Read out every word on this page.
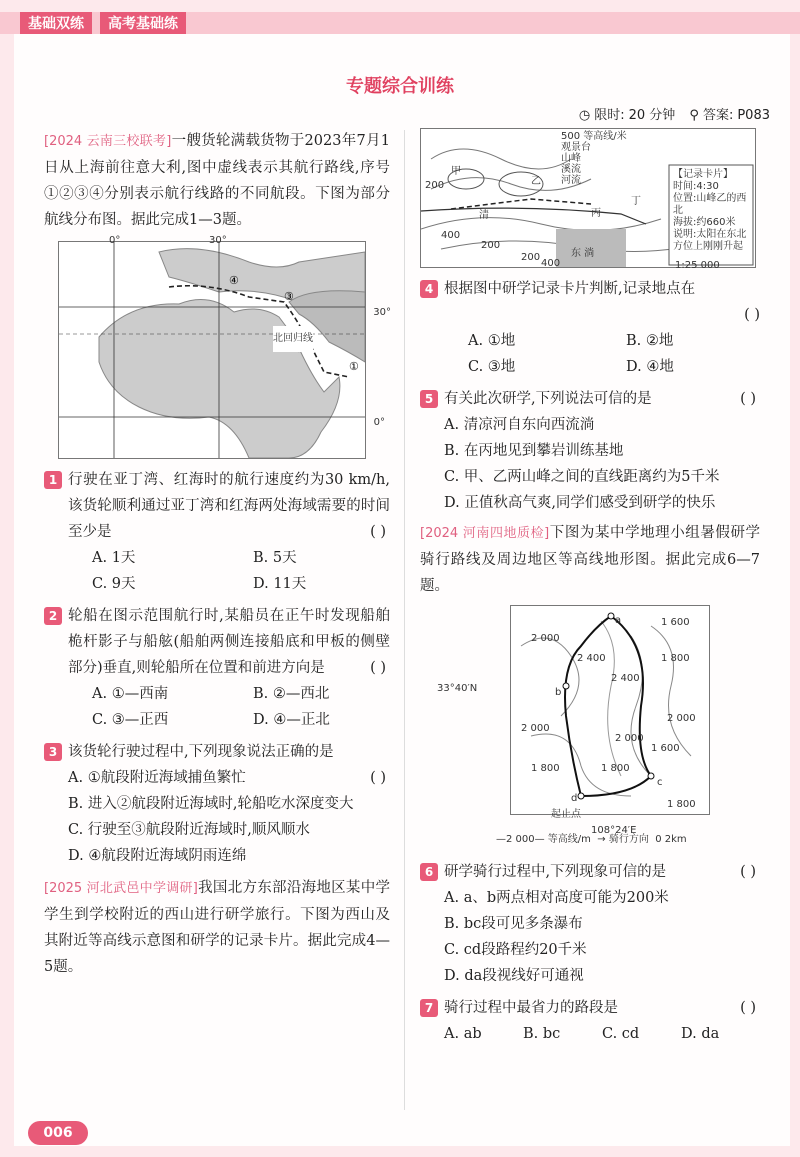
基础双练	高考基础练
专题综合训练
◷ 限时: 20 分钟 ⚲ 答案: P083

[2024 云南三校联考]一艘货轮满载货物于2023年7月1日从上海前往意大利,图中虚线表示其航行路线,序号①②③④分别表示航行线路的不同航段。下图为部分航线分布图。据此完成1—3题。

①
③
④
0°	30°
30°
0°
北回归线
1 行驶在亚丁湾、红海时的航行速度约为30 km/h,该货轮顺利通过亚丁湾和红海两处海域需要的时间至少是	( )
A. 1天	B. 5天
C. 9天	D. 11天
2 轮船在图示范围航行时,某船员在正午时发现船舶桅杆影子与船舷(船舶两侧连接船底和甲板的侧壁部分)垂直,则轮船所在位置和前进方向是	( )
A. ①—西南	B. ②—西北
C. ③—正西	D. ④—正北
3 该货轮行驶过程中,下列现象说法正确的是
A. ①航段附近海域捕鱼繁忙	( )
B. 进入②航段附近海域时,轮船吃水深度变大
C. 行驶至③航段附近海域时,顺风顺水
D. ④航段附近海域阴雨连绵

[2025 河北武邑中学调研]我国北方东部沿海地区某中学学生到学校附近的西山进行研学旅行。下图为西山及其附近等高线示意图和研学的记录卡片。据此完成4—5题。

500 等高线/米
观景台
山峰
溪流
河流
甲
乙
丙
丁
清
东 淌
200
400
200
200
400	1:25 000
【记录卡片】
时间:4:30
位置:山峰乙的西北
海拔:约660米
说明:太阳在东北
方位上刚刚升起
4 根据图中研学记录卡片判断,记录地点在
( )
A. ①地	B. ②地
C. ③地	D. ④地
5 有关此次研学,下列说法可信的是	( )
A. 清凉河自东向西流淌
B. 在丙地见到攀岩训练基地
C. 甲、乙两山峰之间的直线距离约为5千米
D. 正值秋高气爽,同学们感受到研学的快乐

[2024 河南四地质检]下图为某中学地理小组暑假研学骑行路线及周边地区等高线地形图。据此完成6—7题。

33°40′N
108°24′E
a
b
c
d
起止点
1 600
1 800
2 000
2 400
2 400
2 000
2 000
1 800
2 000
1 800
1 600
1 800
—2 000— 等高线/m → 骑行方向 0 2km
6 研学骑行过程中,下列现象可信的是	( )
A. a、b两点相对高度可能为200米
B. bc段可见多条瀑布
C. cd段路程约20千米
D. da段视线好可通视
7 骑行过程中最省力的路段是	( )
A. ab	B. bc	C. cd	D. da
006
